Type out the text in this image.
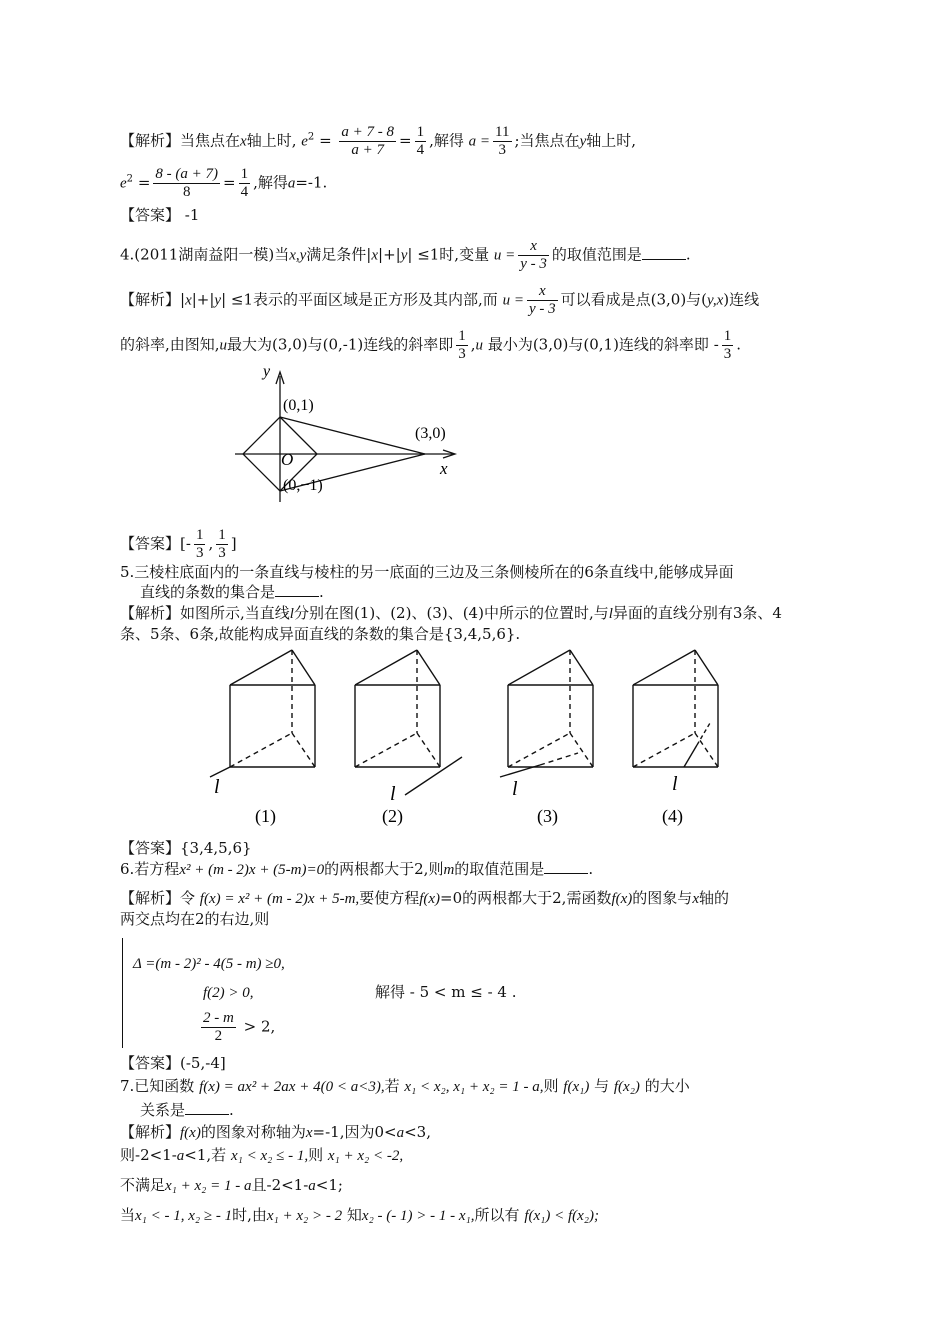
【解析】当焦点在x轴上时, $e^2 = \frac{a + 7 - 8}{a + 7} = \frac{1}{4}$ ,解得 $a = \frac{11}{3}$ ;当焦点在y轴上时,
$e^2 = \frac{8 - (a + 7)}{8} = \frac{1}{4}$ ,解得a=-1.
【答案】 -1
4.(2011湖南益阳一模)当x,y满足条件|x|+|y| ≤1时,变量 $u = \frac{x}{y - 3}$ 的取值范围是	.
【解析】|x|+|y| ≤1表示的平面区域是正方形及其内部,而 $u = \frac{x}{y - 3}$ 可以看成是点(3,0)与(y,x)连线
的斜率,由图知,u最大为(3,0)与(0,-1)连线的斜率即 $\frac{1}{3} ,u$ 最小为(3,0)与(0,1)连线的斜率即 - $\frac{1}{3}$ .
y
x
(0,1)
(3,0)
O
(0,−1)
【答案】[- $\frac{1}{3}$ , $\frac{1}{3}$ ]
5.三棱柱底面内的一条直线与棱柱的另一底面的三边及三条侧棱所在的6条直线中,能够成异面
直线的条数的集合是	.
【解析】如图所示,当直线l分别在图(1)、(2)、(3)、(4)中所示的位置时,与l异面的直线分别有3条、4
条、5条、6条,故能构成异面直线的条数的集合是{3,4,5,6}.
l	l	l	l
(1)	(2)	(3)	(4)
【答案】{3,4,5,6}
6.若方程x² + (m - 2)x + (5-m)=0的两根都大于2,则m的取值范围是	.
【解析】令 f(x) = x² + (m - 2)x + 5-m,要使方程f(x)=0的两根都大于2,需函数f(x)的图象与x轴的
两交点均在2的右边,则
Δ =(m - 2)² - 4(5 - m) ≥0,
f(2) > 0,	解得 - 5 < m ≤ - 4 .
$\frac{2 - m}{2} > 2$,
【答案】(-5,-4]
7.已知函数 f(x) = ax² + 2ax + 4(0 < a<3),若 x₁ < x₂, x₁ + x₂ = 1 - a,则 f(x₁) 与 f(x₂) 的大小
关系是	.
【解析】f(x)的图象对称轴为x=-1,因为0<a<3,
则-2<1-a<1,若 x₁ < x₂ ≤ - 1,则 x₁ + x₂ < -2,
不满足x₁ + x₂ = 1 - a且-2<1-a<1;
当x₁ < - 1, x₂ ≥ - 1时,由x₁ + x₂ > - 2 知x₂ - (- 1) > - 1 - x₁,所以有 f(x₁) < f(x₂);
